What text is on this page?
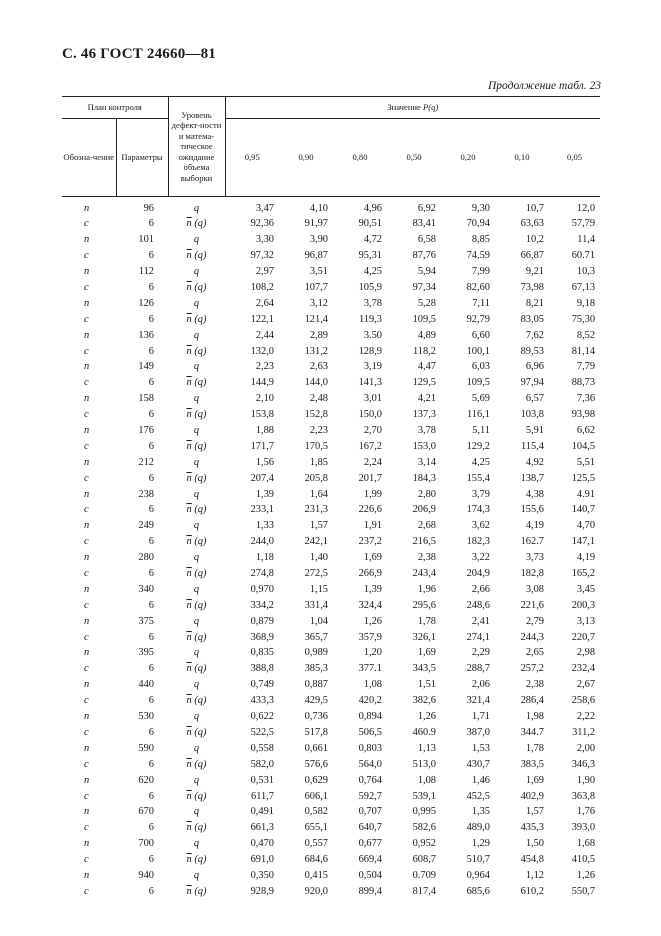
С. 46 ГОСТ 24660—81
Продолжение табл. 23
План контроля		Уровень дефект-ности и матема-тическое ожидание объема выборки	Значение P(q)						
Обозна-чение	Параметры		0,95	0,90	0,80	0,50	0,20	0,10	0,05
n	96	q	3,47	4,10	4,96	6,92	9,30	10,7	12,0
c	6	$\overline{n}$ (q)	92,36	91,97	90,51	83,41	70,94	63,63	57,79
n	101	q	3,30	3,90	4,72	6,58	8,85	10,2	11,4
c	6	$\overline{n}$ (q)	97,32	96,87	95,31	87,76	74,59	66,87	60.71
n	112	q	2,97	3,51	4,25	5,94	7,99	9,21	10,3
c	6	$\overline{n}$ (q)	108,2	107,7	105,9	97,34	82,60	73,98	67,13
n	126	q	2,64	3,12	3,78	5,28	7,11	8,21	9,18
c	6	$\overline{n}$ (q)	122,1	121,4	119,3	109,5	92,79	83,05	75,30
n	136	q	2,44	2,89	3.50	4,89	6,60	7,62	8,52
c	6	$\overline{n}$ (q)	132,0	131,2	128,9	118,2	100,1	89,53	81,14
n	149	q	2,23	2,63	3,19	4,47	6,03	6,96	7,79
c	6	$\overline{n}$ (q)	144,9	144,0	141,3	129,5	109,5	97,94	88,73
n	158	q	2,10	2,48	3,01	4,21	5,69	6,57	7,36
c	6	$\overline{n}$ (q)	153,8	152,8	150,0	137,3	116,1	103,8	93,98
n	176	q	1,88	2,23	2,70	3,78	5,11	5,91	6,62
c	6	$\overline{n}$ (q)	171,7	170,5	167,2	153,0	129,2	115,4	104,5
n	212	q	1,56	1,85	2,24	3,14	4,25	4,92	5,51
c	6	$\overline{n}$ (q)	207,4	205,8	201,7	184,3	155,4	138,7	125,5
n	238	q	1,39	1,64	1,99	2,80	3,79	4,38	4.91
c	6	$\overline{n}$ (q)	233,1	231,3	226,6	206,9	174,3	155,6	140,7
n	249	q	1,33	1,57	1,91	2,68	3,62	4,19	4,70
c	6	$\overline{n}$ (q)	244,0	242,1	237,2	216,5	182,3	162.7	147,1
n	280	q	1,18	1,40	1,69	2,38	3,22	3,73	4,19
c	6	$\overline{n}$ (q)	274,8	272,5	266,9	243,4	204,9	182,8	165,2
n	340	q	0,970	1,15	1,39	1,96	2,66	3,08	3,45
c	6	$\overline{n}$ (q)	334,2	331,4	324,4	295,6	248,6	221,6	200,3
n	375	q	0,879	1,04	1,26	1,78	2,41	2,79	3,13
c	6	$\overline{n}$ (q)	368,9	365,7	357,9	326,1	274,1	244,3	220,7
n	395	q	0,835	0,989	1,20	1,69	2,29	2,65	2,98
c	6	$\overline{n}$ (q)	388,8	385,3	377.1	343,5	288,7	257,2	232,4
n	440	q	0,749	0,887	1,08	1,51	2,06	2,38	2,67
c	6	$\overline{n}$ (q)	433,3	429,5	420,2	382,6	321,4	286,4	258,6
n	530	q	0,622	0,736	0,894	1,26	1,71	1,98	2,22
c	6	$\overline{n}$ (q)	522,5	517,8	506,5	460.9	387,0	344.7	311,2
n	590	q	0,558	0,661	0,803	1,13	1,53	1,78	2,00
c	6	$\overline{n}$ (q)	582,0	576,6	564,0	513,0	430,7	383,5	346,3
n	620	q	0,531	0,629	0,764	1,08	1,46	1,69	1,90
c	6	$\overline{n}$ (q)	611,7	606,1	592,7	539,1	452,5	402,9	363,8
n	670	q	0,491	0,582	0,707	0,995	1,35	1,57	1,76
c	6	$\overline{n}$ (q)	661,3	655,1	640,7	582,6	489,0	435,3	393,0
n	700	q	0,470	0,557	0,677	0,952	1,29	1,50	1,68
c	6	$\overline{n}$ (q)	691,0	684,6	669,4	608,7	510,7	454,8	410,5
n	940	q	0,350	0,415	0,504	0.709	0,964	1,12	1,26
c	6	$\overline{n}$ (q)	928,9	920,0	899,4	817,4	685,6	610,2	550,7
